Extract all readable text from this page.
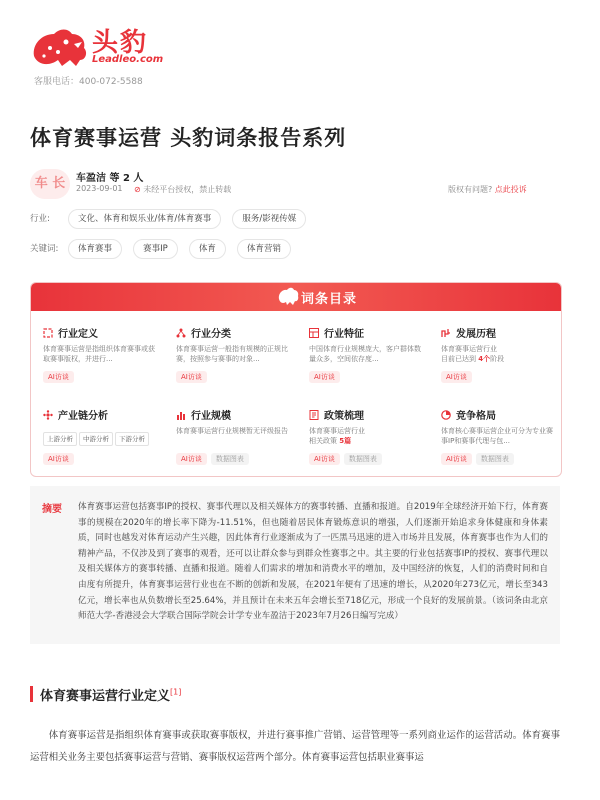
头豹
Leadleo.com
客服电话：400-072-5588
体育赛事运营 头豹词条报告系列
车 长	车盈洁 等 2 人
2023-09-01 ⊘ 未经平台授权，禁止转载	版权有问题? 点此投诉
行业:	文化、体育和娱乐业/体育/体育赛事	服务/影视传媒
关键词:	体育赛事	赛事IP	体育	体育营销
词条目录
行业定义
体育赛事运营是指组织体育赛事或获取赛事版权，并进行...
AI访谈
行业分类
体育赛事运营一般指有规模的正规比赛，按照参与赛事的对象...
AI访谈
行业特征
中国体育行业规模庞大，客户群体数量众多，空间依存度...
AI访谈
发展历程
体育赛事运营行业
目前已达到 4个阶段
AI访谈
产业链分析
上游分析 中游分析 下游分析
AI访谈
行业规模
体育赛事运营行业规模暂无评级报告
AI访谈 数据图表
政策梳理
体育赛事运营行业
相关政策 5篇
AI访谈 数据图表
竞争格局
体育核心赛事运营企业可分为专业赛事IP和赛事代理与包...
AI访谈 数据图表
摘要 体育赛事运营包括赛事IP的授权、赛事代理以及相关媒体方的赛事转播、直播和报道。自2019年全球经济开始下行，体育赛事的规模在2020年的增长率下降为-11.51%，但也随着居民体育锻炼意识的增强，人们逐渐开始追求身体健康和身体素质，同时也越发对体育运动产生兴趣，因此体育行业逐渐成为了一匹黑马迅速的进入市场并且发展，体育赛事也作为人们的精神产品，不仅涉及到了赛事的观看，还可以让群众参与到群众性赛事之中。其主要的行业包括赛事IP的授权、赛事代理以及相关媒体方的赛事转播、直播和报道。随着人们需求的增加和消费水平的增加，及中国经济的恢复，人们的消费时间和自由度有所提升，体育赛事运营行业也在不断的创新和发展，在2021年便有了迅速的增长，从2020年273亿元，增长至343亿元，增长率也从负数增长至25.64%，并且预计在未来五年会增长至718亿元，形成一个良好的发展前景。（该词条由北京师范大学-香港浸会大学联合国际学院会计学专业车盈洁于2023年7月26日编写完成）
体育赛事运营行业定义[1]
体育赛事运营是指组织体育赛事或获取赛事版权，并进行赛事推广营销、运营管理等一系列商业运作的运营活动。体育赛事运营相关业务主要包括赛事运营与营销、赛事版权运营两个部分。体育赛事运营包括职业赛事运
